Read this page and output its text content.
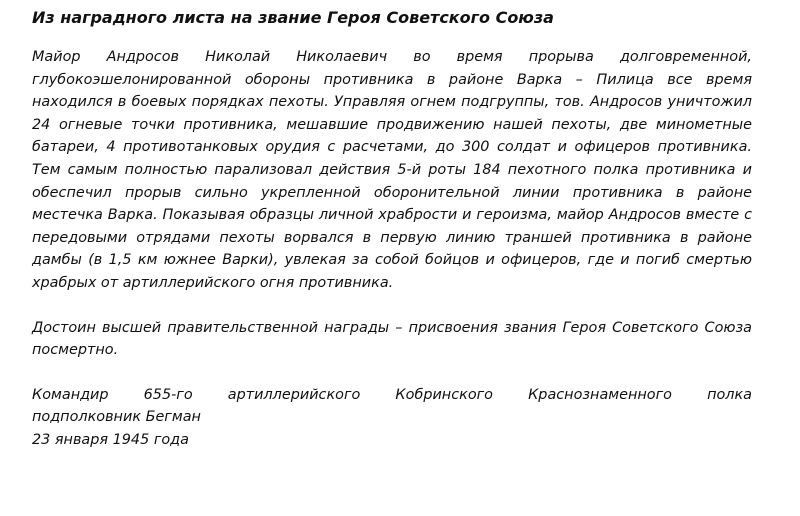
Из наградного листа на звание Героя Советского Союза

Майор Андросов Николай Николаевич во время прорыва долговременной, глубокоэшелонированной обороны противника в районе Варка – Пилица все время находился в боевых порядках пехоты. Управляя огнем подгруппы, тов. Андросов уничтожил 24 огневые точки противника, мешавшие продвижению нашей пехоты, две минометные батареи, 4 противотанковых орудия с расчетами, до 300 солдат и офицеров противника. Тем самым полностью парализовал действия 5-й роты 184 пехотного полка противника и обеспечил прорыв сильно укрепленной оборонительной линии противника в районе местечка Варка. Показывая образцы личной храбрости и героизма, майор Андросов вместе с передовыми отрядами пехоты ворвался в первую линию траншей противника в районе дамбы (в 1,5 км южнее Варки), увлекая за собой бойцов и офицеров, где и погиб смертью храбрых от артиллерийского огня противника.

Достоин высшей правительственной награды – присвоения звания Героя Советского Союза посмертно.

Командир 655-го артиллерийского Кобринского Краснознаменного полка
подполковник Бегман
23 января 1945 года
